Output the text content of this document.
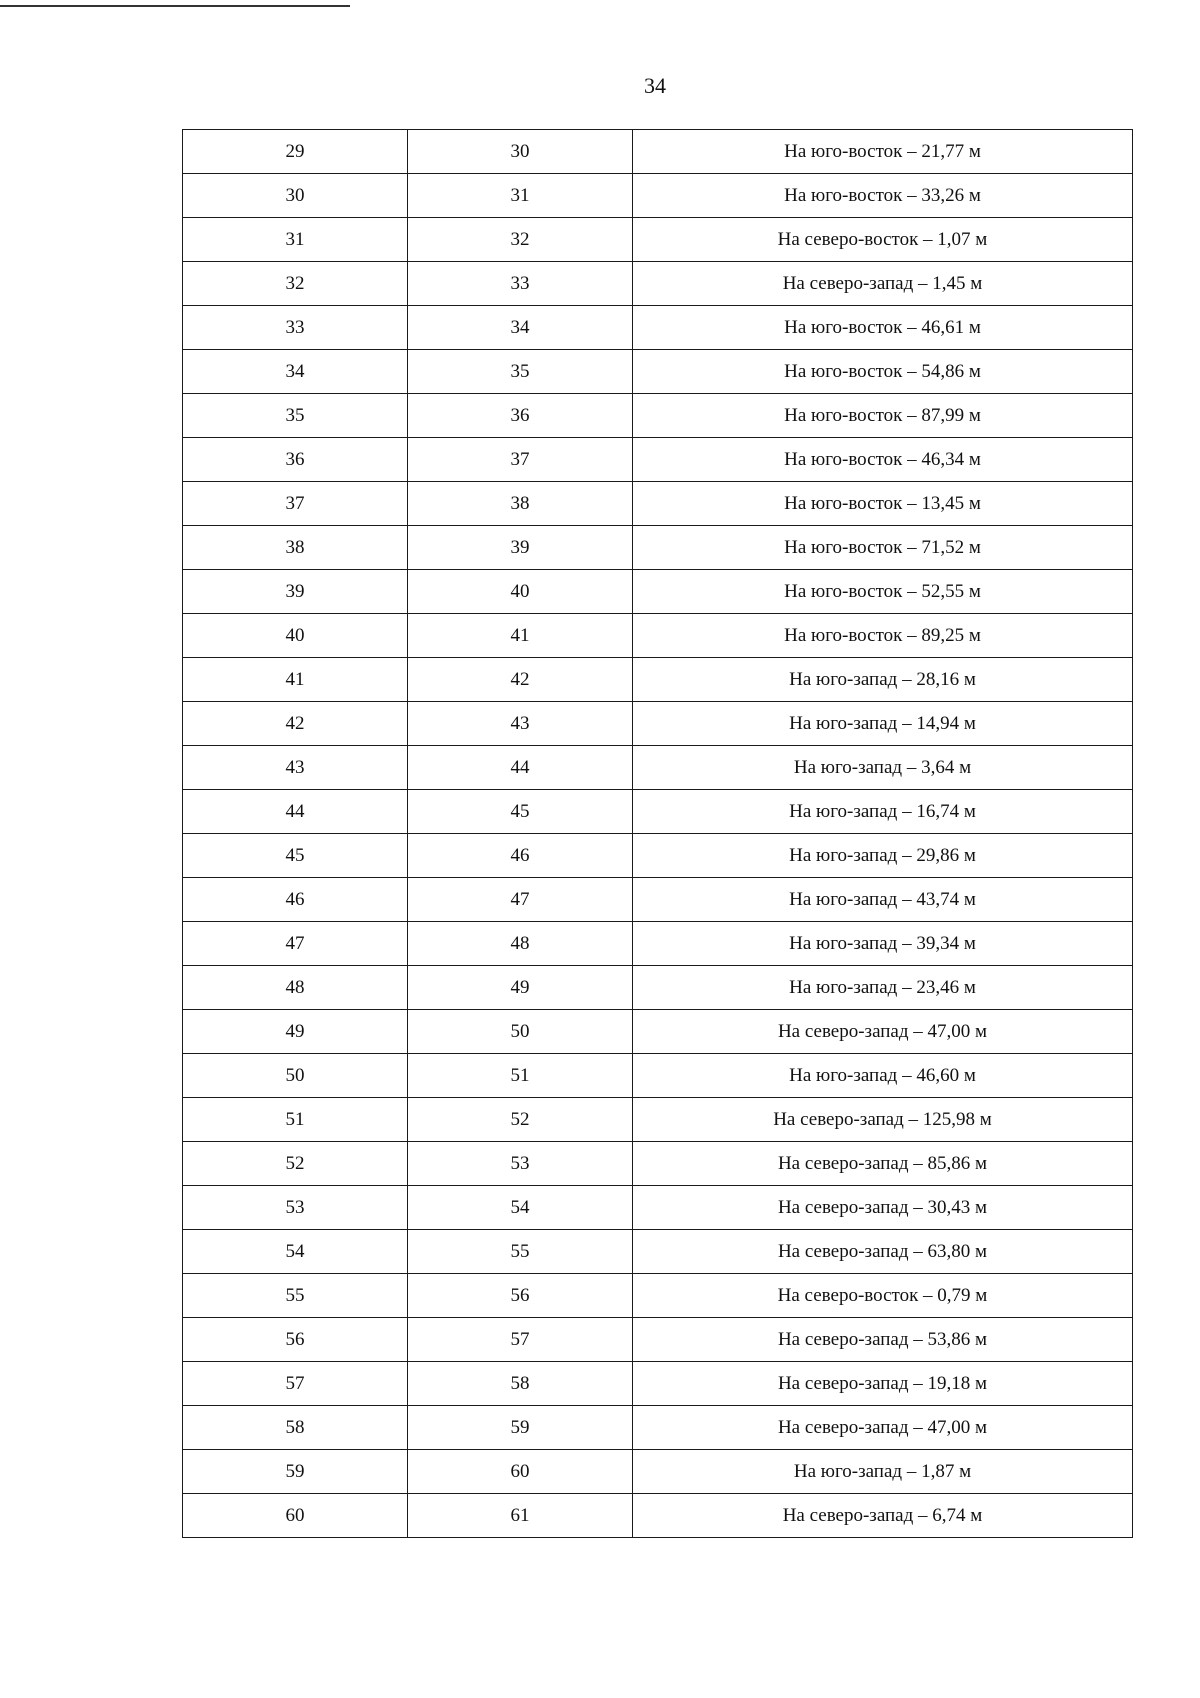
34
29	30	На юго-восток – 21,77 м
30	31	На юго-восток – 33,26 м
31	32	На северо-восток – 1,07 м
32	33	На северо-запад – 1,45 м
33	34	На юго-восток – 46,61 м
34	35	На юго-восток – 54,86 м
35	36	На юго-восток – 87,99 м
36	37	На юго-восток – 46,34 м
37	38	На юго-восток – 13,45 м
38	39	На юго-восток – 71,52 м
39	40	На юго-восток – 52,55 м
40	41	На юго-восток – 89,25 м
41	42	На юго-запад – 28,16 м
42	43	На юго-запад – 14,94 м
43	44	На юго-запад – 3,64 м
44	45	На юго-запад – 16,74 м
45	46	На юго-запад – 29,86 м
46	47	На юго-запад – 43,74 м
47	48	На юго-запад – 39,34 м
48	49	На юго-запад – 23,46 м
49	50	На северо-запад – 47,00 м
50	51	На юго-запад – 46,60 м
51	52	На северо-запад – 125,98 м
52	53	На северо-запад – 85,86 м
53	54	На северо-запад – 30,43 м
54	55	На северо-запад – 63,80 м
55	56	На северо-восток – 0,79 м
56	57	На северо-запад – 53,86 м
57	58	На северо-запад – 19,18 м
58	59	На северо-запад – 47,00 м
59	60	На юго-запад – 1,87 м
60	61	На северо-запад – 6,74 м
